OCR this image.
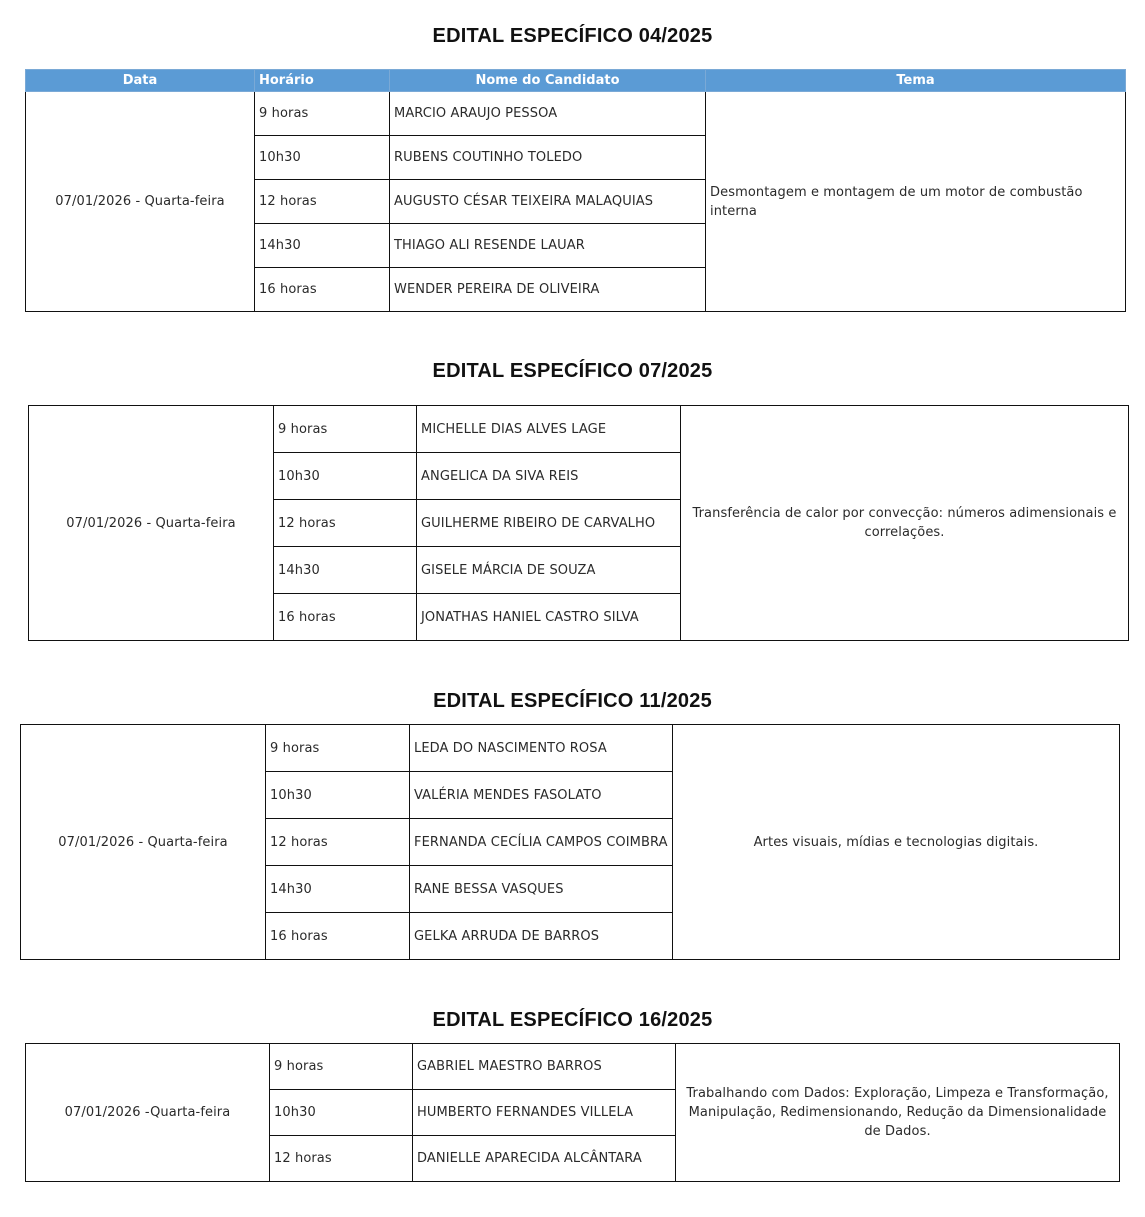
EDITAL ESPECÍFICO 04/2025
Data	Horário	Nome do Candidato	Tema
07/01/2026 - Quarta-feira	9 horas	MARCIO ARAUJO PESSOA	Desmontagem e montagem de um motor de combustão interna
	10h30	RUBENS COUTINHO TOLEDO	
	12 horas	AUGUSTO CÉSAR TEIXEIRA MALAQUIAS	
	14h30	THIAGO ALI RESENDE LAUAR	
	16 horas	WENDER PEREIRA DE OLIVEIRA	
EDITAL ESPECÍFICO 07/2025
07/01/2026 - Quarta-feira	9 horas	MICHELLE DIAS ALVES LAGE	Transferência de calor por convecção: números adimensionais e correlações.
	10h30	ANGELICA DA SIVA REIS	
	12 horas	GUILHERME RIBEIRO DE CARVALHO	
	14h30	GISELE MÁRCIA DE SOUZA	
	16 horas	JONATHAS HANIEL CASTRO SILVA	
EDITAL ESPECÍFICO 11/2025
07/01/2026 - Quarta-feira	9 horas	LEDA DO NASCIMENTO ROSA	Artes visuais, mídias e tecnologias digitais.
	10h30	VALÉRIA MENDES FASOLATO	
	12 horas	FERNANDA CECÍLIA CAMPOS COIMBRA	
	14h30	RANE BESSA VASQUES	
	16 horas	GELKA ARRUDA DE BARROS	
EDITAL ESPECÍFICO 16/2025
07/01/2026 -Quarta-feira	9 horas	GABRIEL MAESTRO BARROS	Trabalhando com Dados: Exploração, Limpeza e Transformação, Manipulação, Redimensionando, Redução da Dimensionalidade de Dados.
	10h30	HUMBERTO FERNANDES VILLELA	
	12 horas	DANIELLE APARECIDA ALCÂNTARA	
